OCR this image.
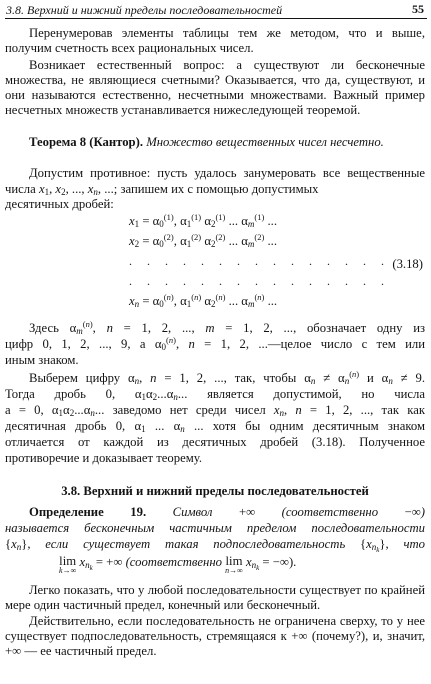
3.8. Верхний и нижний пределы последовательностей	55
Перенумеровав элементы таблицы тем же методом, что и выше, получим счетность всех рациональных чисел.
Возникает естественный вопрос: а существуют ли бесконечные множества, не являющиеся счетными? Оказывается, что да, существуют, и они называются естественно, несчетными множествами. Важный пример несчетных множеств устанавливается нижеследующей теоремой.
Теорема 8 (Кантор). Множество вещественных чисел несчетно.
Допустим противное: пусть удалось занумеровать все вещественные
числа $x_1$, $x_2$, ..., $x_n$, ...; запишем их с помощью допустимых
десятичных дробей:
$x_1 = \alpha_0^{(1)}$, $\alpha_1^{(1)}$ $\alpha_2^{(1)}$ ... $\alpha_m^{(1)}$ ...
$x_2 = \alpha_0^{(2)}$, $\alpha_1^{(2)}$ $\alpha_2^{(2)}$ ... $\alpha_m^{(2)}$ ...
. . . . . . . . . . . . . . .
. . . . . . . . . . . . . . .
$x_n = \alpha_0^{(n)}$, $\alpha_1^{(n)}$ $\alpha_2^{(n)}$ ... $\alpha_m^{(n)}$ ...
(3.18)
Здесь $\alpha_m^{(n)}$, n = 1, 2, ..., m = 1, 2, ..., обозначает одну из
цифр 0, 1, 2, ..., 9, а $\alpha_0^{(n)}$, n = 1, 2, ...—целое число с тем или
иным знаком.
Выберем цифру $\alpha_n$, n = 1, 2, ..., так, чтобы $\alpha_n \ne \alpha_n^{(n)}$ и $\alpha_n \ne 9$.
Тогда дробь 0, $\alpha_1\alpha_2...\alpha_n$... является допустимой, но числа
a = 0, $\alpha_1\alpha_2...\alpha_n$... заведомо нет среди чисел $x_n$, n = 1, 2, ..., так как
десятичная дробь 0, $\alpha_1$ ... $\alpha_n$ ... хотя бы одним десятичным знаком
отличается от каждой из десятичных дробей (3.18). Полученное
противоречие и доказывает теорему.
3.8. Верхний и нижний пределы последовательностей
Определение 19. Символ +∞ (соответственно −∞)
называется бесконечным частичным пределом последовательности
$\{x_n\}$, если существует такая подпоследовательность $\{x_{n_k}\}$, что
lim
k→∞
$x_{n_k}$ = +∞ (соответственно lim
n→∞
$x_{n_k}$ = −∞).
Легко показать, что у любой последовательности существует по крайней мере один частичный предел, конечный или бесконечный.
Действительно, если последовательность не ограничена сверху, то у нее существует подпоследовательность, стремящаяся к +∞ (почему?), и, значит, +∞ — ее частичный предел.
